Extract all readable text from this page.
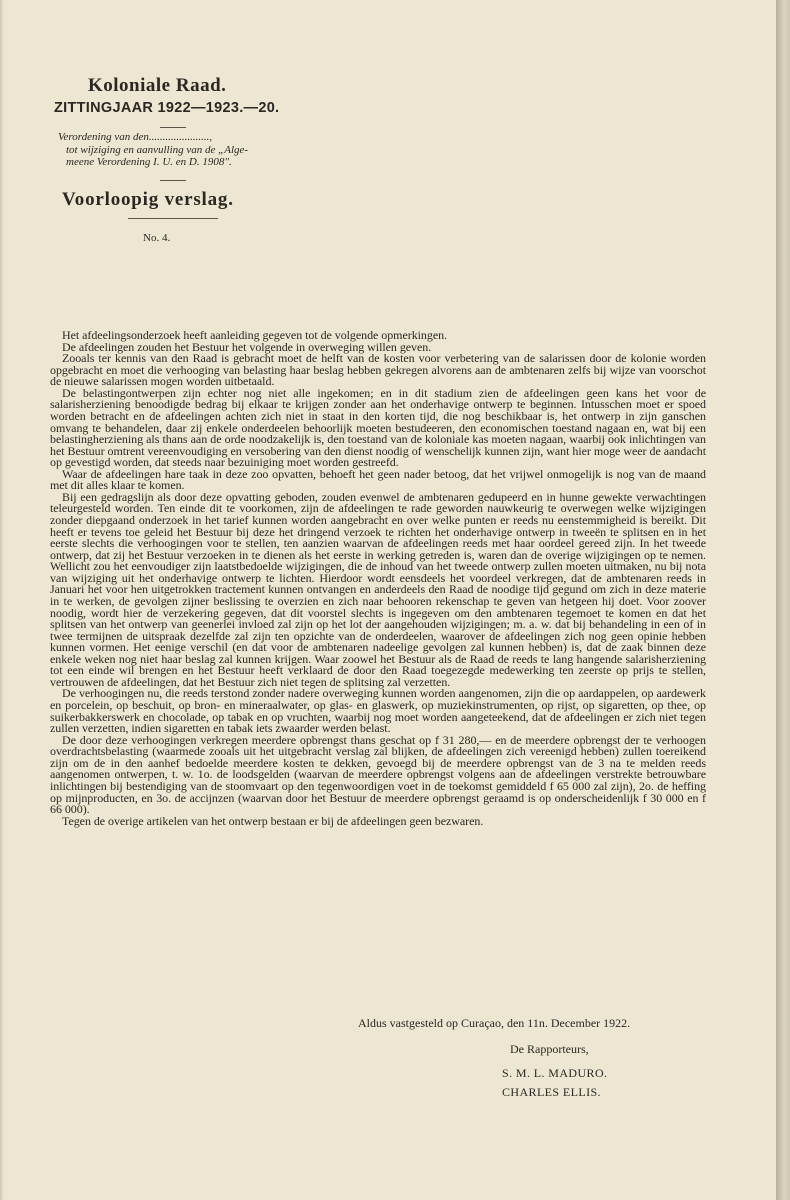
Koloniale Raad.
ZITTINGJAAR 1922—1923.—20.
Verordening van den......................,
tot wijziging en aanvulling van de „Alge-
meene Verordening I. U. en D. 1908".
Voorloopig verslag.
No. 4.

Het afdeelingsonderzoek heeft aanleiding gegeven tot de volgende opmerkingen.

De afdeelingen zouden het Bestuur het volgende in overweging willen geven.

Zooals ter kennis van den Raad is gebracht moet de helft van de kosten voor verbetering van de salarissen door de kolonie worden opgebracht en moet die verhooging van belasting haar beslag hebben gekregen alvorens aan de ambtenaren zelfs bij wijze van voorschot de nieuwe salarissen mogen worden uitbetaald.

De belastingontwerpen zijn echter nog niet alle ingekomen; en in dit stadium zien de afdeelingen geen kans het voor de salarisherziening benoodigde bedrag bij elkaar te krijgen zonder aan het onderhavige ontwerp te beginnen. Intusschen moet er spoed worden betracht en de afdeelingen achten zich niet in staat in den korten tijd, die nog beschikbaar is, het ontwerp in zijn ganschen omvang te behandelen, daar zij enkele onderdeelen behoorlijk moeten bestudeeren, den economischen toestand nagaan en, wat bij een belastingherziening als thans aan de orde noodzakelijk is, den toestand van de koloniale kas moeten nagaan, waarbij ook inlichtingen van het Bestuur omtrent vereenvoudiging en versobering van den dienst noodig of wenschelijk kunnen zijn, want hier moge weer de aandacht op gevestigd worden, dat steeds naar bezuiniging moet worden gestreefd.

Waar de afdeelingen hare taak in deze zoo opvatten, behoeft het geen nader betoog, dat het vrijwel onmogelijk is nog van de maand met dit alles klaar te komen.

Bij een gedragslijn als door deze opvatting geboden, zouden evenwel de ambtenaren gedupeerd en in hunne gewekte verwachtingen teleurgesteld worden. Ten einde dit te voorkomen, zijn de afdeelingen te rade geworden nauwkeurig te overwegen welke wijzigingen zonder diepgaand onderzoek in het tarief kunnen worden aangebracht en over welke punten er reeds nu eenstemmigheid is bereikt. Dit heeft er tevens toe geleid het Bestuur bij deze het dringend verzoek te richten het onderhavige ontwerp in tweeën te splitsen en in het eerste slechts die verhoogingen voor te stellen, ten aanzien waarvan de afdeelingen reeds met haar oordeel gereed zijn. In het tweede ontwerp, dat zij het Bestuur verzoeken in te dienen als het eerste in werking getreden is, waren dan de overige wijzigingen op te nemen. Wellicht zou het eenvoudiger zijn laatstbedoelde wijzigingen, die de inhoud van het tweede ontwerp zullen moeten uitmaken, nu bij nota van wijziging uit het onderhavige ontwerp te lichten. Hierdoor wordt eensdeels het voordeel verkregen, dat de ambtenaren reeds in Januari het voor hen uitgetrokken tractement kunnen ontvangen en anderdeels den Raad de noodige tijd gegund om zich in deze materie in te werken, de gevolgen zijner beslissing te overzien en zich naar behooren rekenschap te geven van hetgeen hij doet. Voor zoover noodig, wordt hier de verzekering gegeven, dat dit voorstel slechts is ingegeven om den ambtenaren tegemoet te komen en dat het splitsen van het ontwerp van geenerlei invloed zal zijn op het lot der aangehouden wijzigingen; m. a. w. dat bij behandeling in een of in twee termijnen de uitspraak dezelfde zal zijn ten opzichte van de onderdeelen, waarover de afdeelingen zich nog geen opinie hebben kunnen vormen. Het eenige verschil (en dat voor de ambtenaren nadeelige gevolgen zal kunnen hebben) is, dat de zaak binnen deze enkele weken nog niet haar beslag zal kunnen krijgen. Waar zoowel het Bestuur als de Raad de reeds te lang hangende salarisherziening tot een einde wil brengen en het Bestuur heeft verklaard de door den Raad toegezegde medewerking ten zeerste op prijs te stellen, vertrouwen de afdeelingen, dat het Bestuur zich niet tegen de splitsing zal verzetten.

De verhoogingen nu, die reeds terstond zonder nadere overweging kunnen worden aangenomen, zijn die op aardappelen, op aardewerk en porcelein, op beschuit, op bron- en mineraalwater, op glas- en glaswerk, op muziekinstrumenten, op rijst, op sigaretten, op thee, op suikerbakkerswerk en chocolade, op tabak en op vruchten, waarbij nog moet worden aangeteekend, dat de afdeelingen er zich niet tegen zullen verzetten, indien sigaretten en tabak iets zwaarder werden belast.

De door deze verhoogingen verkregen meerdere opbrengst thans geschat op f 31 280,— en de meerdere opbrengst der te verhoogen overdrachtsbelasting (waarmede zooals uit het uitgebracht verslag zal blijken, de afdeelingen zich vereenigd hebben) zullen toereikend zijn om de in den aanhef bedoelde meerdere kosten te dekken, gevoegd bij de meerdere opbrengst van de 3 na te melden reeds aangenomen ontwerpen, t. w. 1o. de loodsgelden (waarvan de meerdere opbrengst volgens aan de afdeelingen verstrekte betrouwbare inlichtingen bij bestendiging van de stoomvaart op den tegenwoordigen voet in de toekomst gemiddeld f 65 000 zal zijn), 2o. de heffing op mijnproducten, en 3o. de accijnzen (waarvan door het Bestuur de meerdere opbrengst geraamd is op onderscheidenlijk f 30 000 en f 66 000).

Tegen de overige artikelen van het ontwerp bestaan er bij de afdeelingen geen bezwaren.

Aldus vastgesteld op Curaçao, den 11n. December 1922.
De Rapporteurs,
S. M. L. MADURO.
CHARLES ELLIS.
